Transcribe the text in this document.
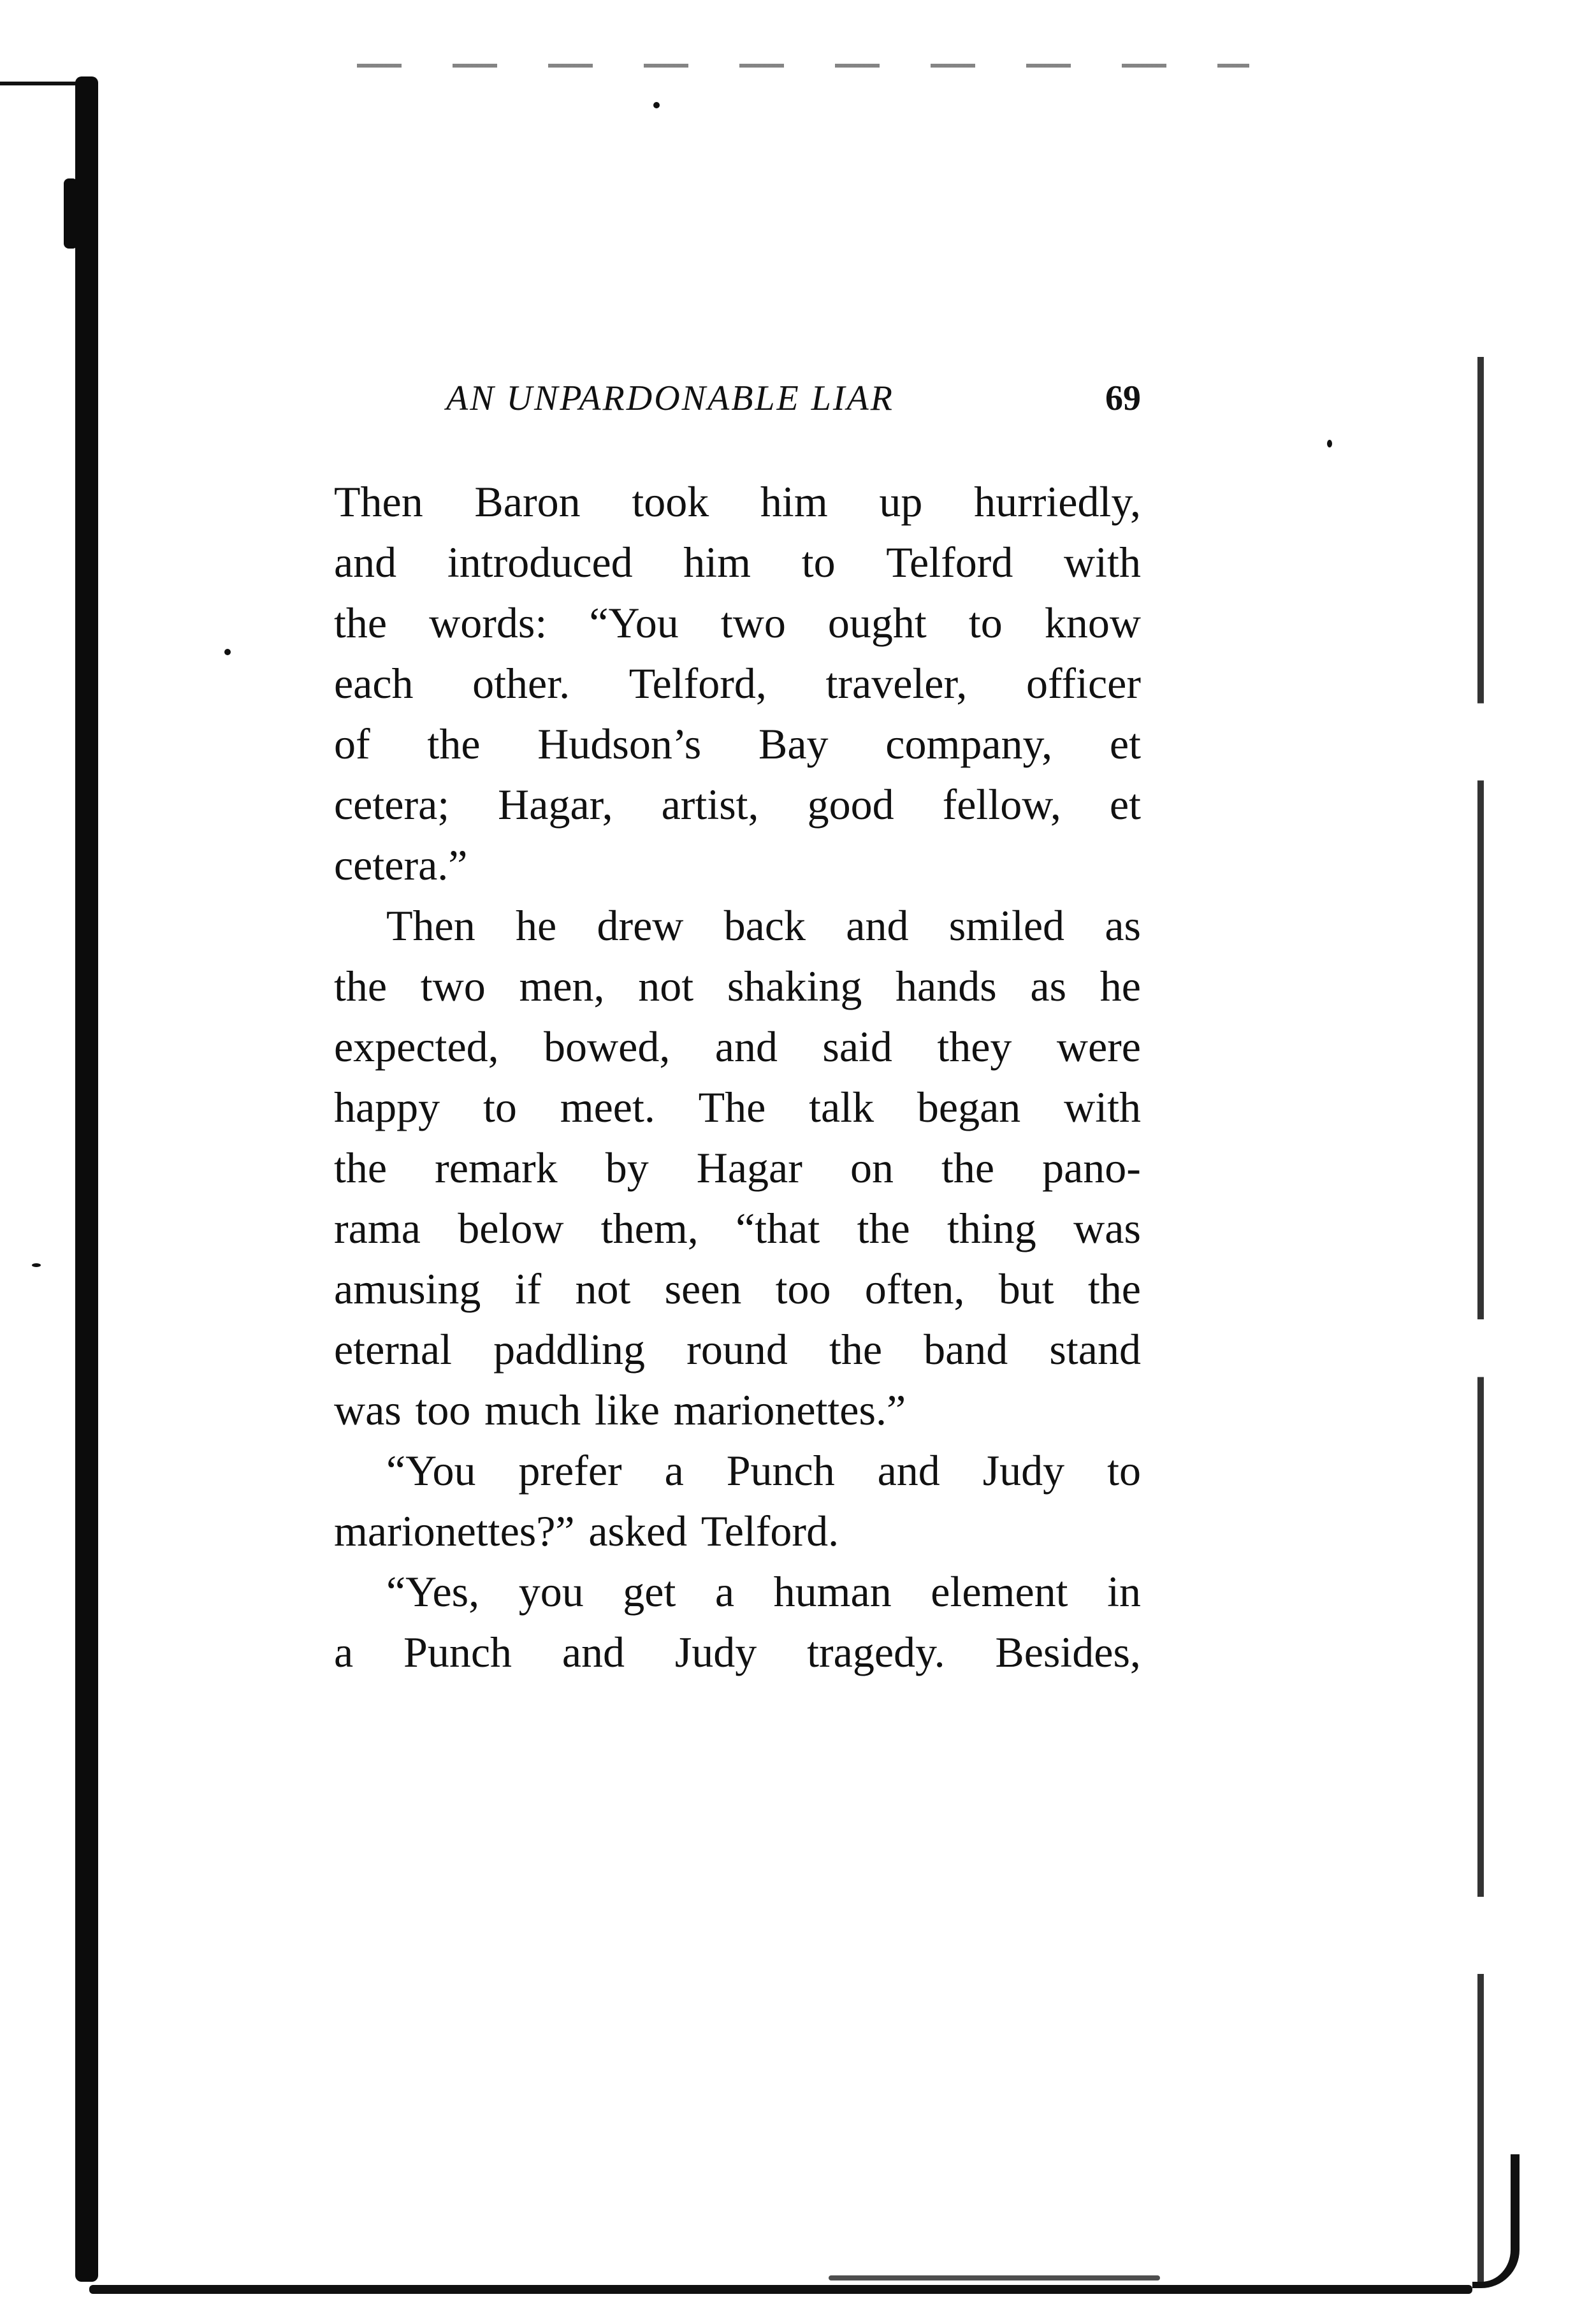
AN UNPARDONABLE LIAR	69
Then Baron took him up hurriedly,
and introduced him to Telford with
the words: “You two ought to know
each other. Telford, traveler, officer
of the Hudson’s Bay company, et
cetera; Hagar, artist, good fellow, et
cetera.”
Then he drew back and smiled as
the two men, not shaking hands as he
expected, bowed, and said they were
happy to meet. The talk began with
the remark by Hagar on the pano-
rama below them, “that the thing was
amusing if not seen too often, but the
eternal paddling round the band stand
was too much like marionettes.”
“You prefer a Punch and Judy to
marionettes?” asked Telford.
“Yes, you get a human element in
a Punch and Judy tragedy. Besides,
